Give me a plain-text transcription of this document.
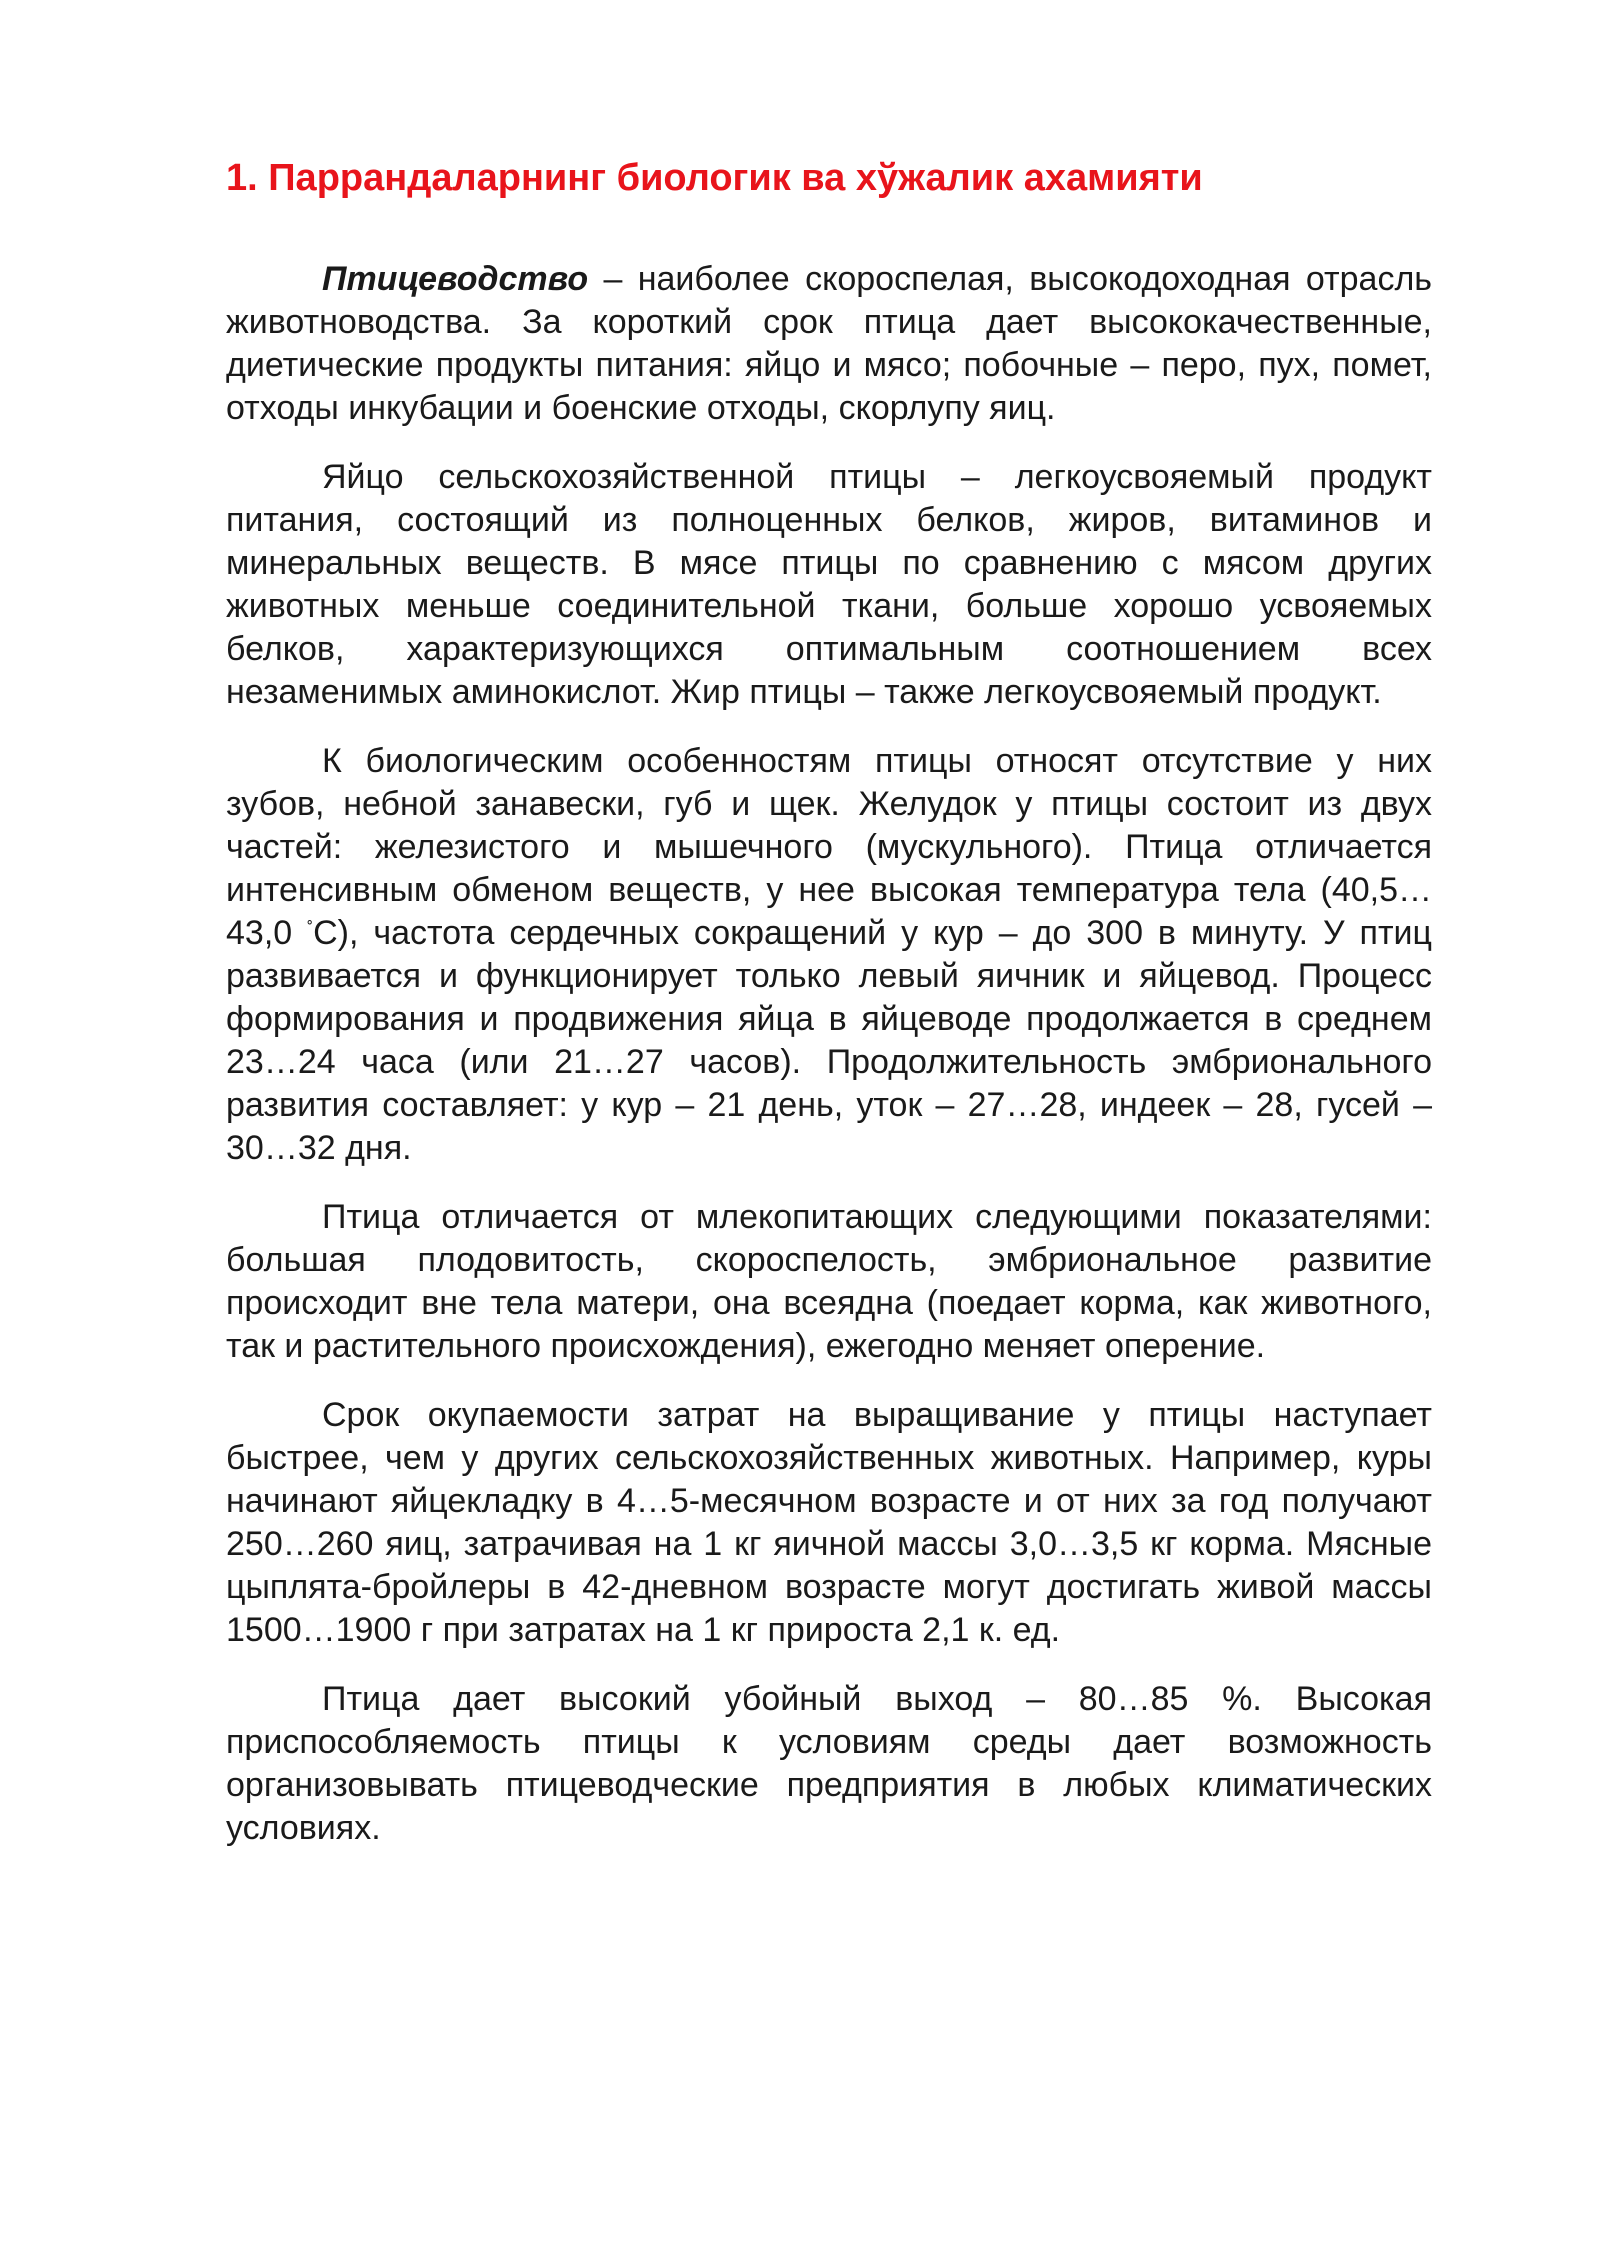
1. Паррандаларнинг биологик ва хўжалик ахамияти

Птицеводство – наиболее скороспелая, высокодоходная отрасль животноводства. За короткий срок птица дает высококачественные, диетические продукты питания: яйцо и мясо; побочные – перо, пух, помет, отходы инкубации и боенские отходы, скорлупу яиц.

Яйцо сельскохозяйственной птицы – легкоусвояемый продукт питания, состоящий из полноценных белков, жиров, витаминов и минеральных веществ. В мясе птицы по сравнению с мясом других животных меньше соединительной ткани, больше хорошо усвояемых белков, характеризующихся оптимальным соотношением всех незаменимых аминокислот. Жир птицы – также легкоусвояемый продукт.

К биологическим особенностям птицы относят отсутствие у них зубов, небной занавески, губ и щек. Желудок у птицы состоит из двух частей: железистого и мышечного (мускульного). Птица отличается интенсивным обменом веществ, у нее высокая температура тела (40,5…43,0 ˚С), частота сердечных сокращений у кур – до 300 в минуту. У птиц развивается и функционирует только левый яичник и яйцевод. Процесс формирования и продвижения яйца в яйцеводе продолжается в среднем 23…24 часа (или 21…27 часов). Продолжительность эмбрионального развития составляет: у кур – 21 день, уток – 27…28, индеек – 28, гусей – 30…32 дня.

Птица отличается от млекопитающих следующими показателями: большая плодовитость, скороспелость, эмбриональное развитие происходит вне тела матери, она всеядна (поедает корма, как животного, так и растительного происхождения), ежегодно меняет оперение.

Срок окупаемости затрат на выращивание у птицы наступает быстрее, чем у других сельскохозяйственных животных. Например, куры начинают яйцекладку в 4…5-месячном возрасте и от них за год получают 250…260 яиц, затрачивая на 1 кг яичной массы 3,0…3,5 кг корма. Мясные цыплята-бройлеры в 42-дневном возрасте могут достигать живой массы 1500…1900 г при затратах на 1 кг прироста 2,1 к. ед.

Птица дает высокий убойный выход – 80…85 %. Высокая приспособляемость птицы к условиям среды дает возможность организовывать птицеводческие предприятия в любых климатических условиях.
